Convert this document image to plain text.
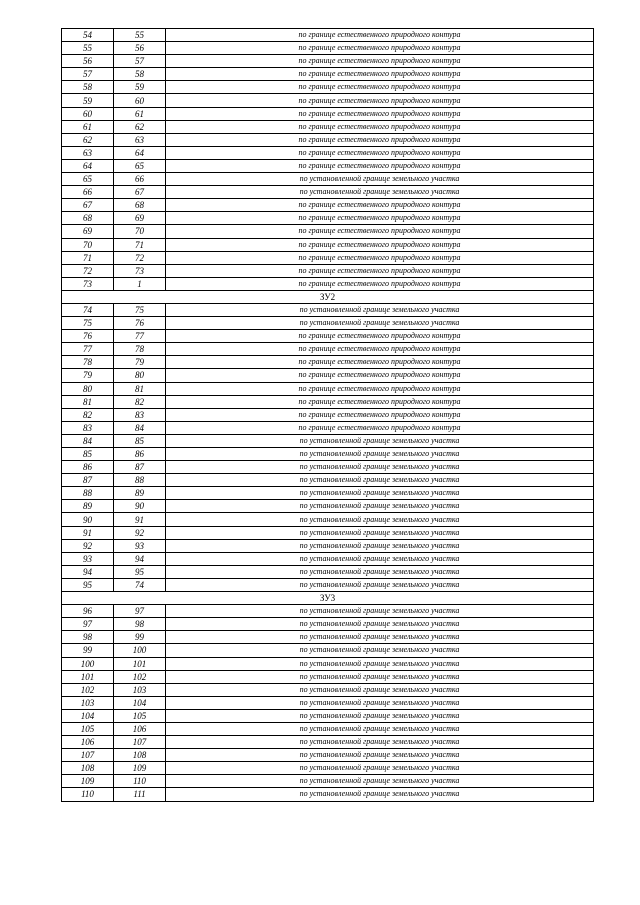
54	55	по границе естественного природного контура
55	56	по границе естественного природного контура
56	57	по границе естественного природного контура
57	58	по границе естественного природного контура
58	59	по границе естественного природного контура
59	60	по границе естественного природного контура
60	61	по границе естественного природного контура
61	62	по границе естественного природного контура
62	63	по границе естественного природного контура
63	64	по границе естественного природного контура
64	65	по границе естественного природного контура
65	66	по установленной границе земельного участка
66	67	по установленной границе земельного участка
67	68	по границе естественного природного контура
68	69	по границе естественного природного контура
69	70	по границе естественного природного контура
70	71	по границе естественного природного контура
71	72	по границе естественного природного контура
72	73	по границе естественного природного контура
73	1	по границе естественного природного контура
ЗУ2		
74	75	по установленной границе земельного участка
75	76	по установленной границе земельного участка
76	77	по границе естественного природного контура
77	78	по границе естественного природного контура
78	79	по границе естественного природного контура
79	80	по границе естественного природного контура
80	81	по границе естественного природного контура
81	82	по границе естественного природного контура
82	83	по границе естественного природного контура
83	84	по границе естественного природного контура
84	85	по установленной границе земельного участка
85	86	по установленной границе земельного участка
86	87	по установленной границе земельного участка
87	88	по установленной границе земельного участка
88	89	по установленной границе земельного участка
89	90	по установленной границе земельного участка
90	91	по установленной границе земельного участка
91	92	по установленной границе земельного участка
92	93	по установленной границе земельного участка
93	94	по установленной границе земельного участка
94	95	по установленной границе земельного участка
95	74	по установленной границе земельного участка
ЗУ3		
96	97	по установленной границе земельного участка
97	98	по установленной границе земельного участка
98	99	по установленной границе земельного участка
99	100	по установленной границе земельного участка
100	101	по установленной границе земельного участка
101	102	по установленной границе земельного участка
102	103	по установленной границе земельного участка
103	104	по установленной границе земельного участка
104	105	по установленной границе земельного участка
105	106	по установленной границе земельного участка
106	107	по установленной границе земельного участка
107	108	по установленной границе земельного участка
108	109	по установленной границе земельного участка
109	110	по установленной границе земельного участка
110	111	по установленной границе земельного участка
